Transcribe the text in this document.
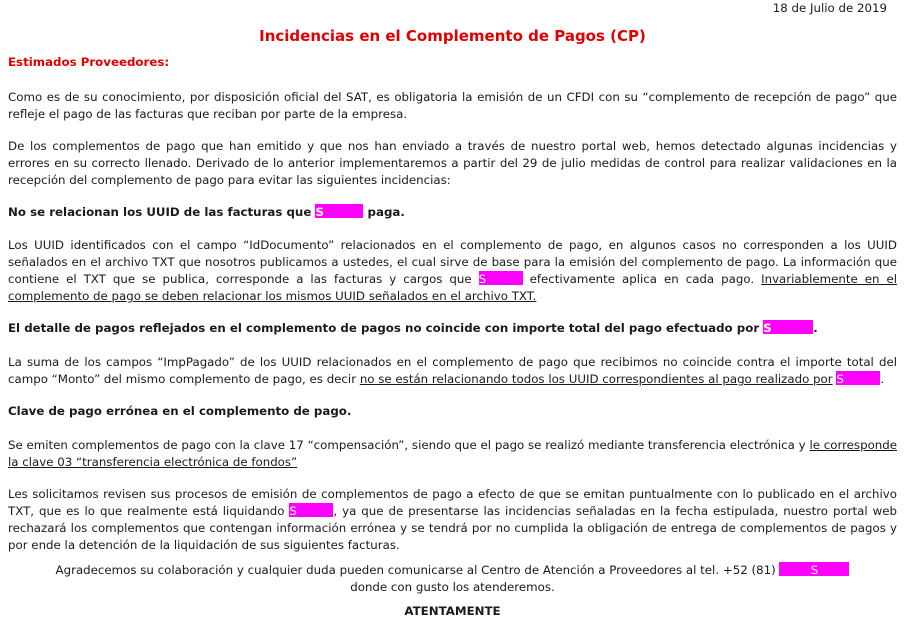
18 de Julio de 2019
Incidencias en el Complemento de Pagos (CP)
Estimados Proveedores:

Como es de su conocimiento, por disposición oficial del SAT, es obligatoria la emisión de un CFDI con su “complemento de recepción de pago” que refleje el pago de las facturas que reciban por parte de la empresa.

De los complementos de pago que han emitido y que nos han enviado a través de nuestro portal web, hemos detectado algunas incidencias y errores en su correcto llenado. Derivado de lo anterior implementaremos a partir del 29 de julio medidas de control para realizar validaciones en la recepción del complemento de pago para evitar las siguientes incidencias:

No se relacionan los UUID de las facturas que S	paga.

Los UUID identificados con el campo “IdDocumento” relacionados en el complemento de pago, en algunos casos no corresponden a los UUID señalados en el archivo TXT que nosotros publicamos a ustedes, el cual sirve de base para la emisión del complemento de pago. La información que contiene el TXT que se publica, corresponde a las facturas y cargos que S	efectivamente aplica en cada pago. Invariablemente en el complemento de pago se deben relacionar los mismos UUID señalados en el archivo TXT.

El detalle de pagos reflejados en el complemento de pagos no coincide con importe total del pago efectuado por S	.

La suma de los campos “ImpPagado” de los UUID relacionados en el complemento de pago que recibimos no coincide contra el importe total del campo “Monto” del mismo complemento de pago, es decir no se están relacionando todos los UUID correspondientes al pago realizado por S	.

Clave de pago errónea en el complemento de pago.

Se emiten complementos de pago con la clave 17 “compensación”, siendo que el pago se realizó mediante transferencia electrónica y le corresponde la clave 03 “transferencia electrónica de fondos”

Les solicitamos revisen sus procesos de emisión de complementos de pago a efecto de que se emitan puntualmente con lo publicado en el archivo TXT, que es lo que realmente está liquidando S	, ya que de presentarse las incidencias señaladas en la fecha estipulada, nuestro portal web rechazará los complementos que contengan información errónea y se tendrá por no cumplida la obligación de entrega de complementos de pagos y por ende la detención de la liquidación de sus siguientes facturas.

Agradecemos su colaboración y cualquier duda pueden comunicarse al Centro de Atención a Proveedores al tel. +52 (81)	S donde con gusto los atenderemos.
ATENTAMENTE
